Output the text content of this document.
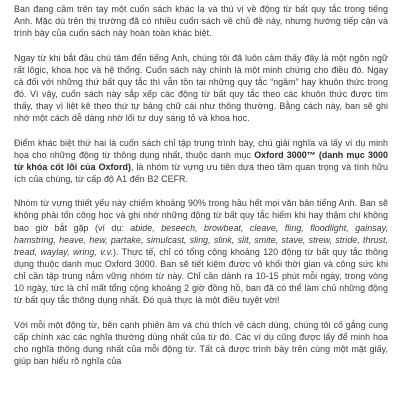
Ban đang cầm trên tay một cuốn sách khác lạ và thú vị về động từ bất quy tắc trong tiếng Anh. Mặc dù trên thị trường đã có nhiều cuốn sách về chủ đề này, nhưng hướng tiếp cận và trình bày của cuốn sách này hoàn toàn khác biệt.

Ngay từ khi bắt đầu chú tâm đến tiếng Anh, chúng tôi đã luôn cảm thấy đây là một ngôn ngữ rất lôgic, khoa học và hệ thống. Cuốn sách này chính là một minh chứng cho điều đó. Ngay cả đối với những thứ bất quy tắc thì vẫn tồn tại những quy tắc “ngầm” hay khuôn thức trong đó. Vì vậy, cuốn sách này sắp xếp các động từ bất quy tắc theo các khuôn thức được tìm thấy, thay vì liệt kê theo thứ tự bảng chữ cái như thông thường. Bằng cách này, ban sẽ ghi nhớ một cách dễ dàng nhờ lối tư duy sáng tỏ và khoa học.

Điểm khác biệt thứ hai là cuốn sách chỉ tập trung trình bày, chú giải nghĩa và lấy ví dụ minh họa cho những động từ thông dụng nhất, thuộc danh mục Oxford 3000™ (danh mục 3000 từ khóa cốt lõi của Oxford), là nhóm từ vựng ưu tiên dựa theo tầm quan trọng và tính hữu ích của chúng, từ cấp độ A1 đến B2 CEFR.

Nhóm từ vựng thiết yếu này chiếm khoảng 90% trong hầu hết mọi văn bản tiếng Anh. Ban sẽ không phải tốn công học và ghi nhớ những động từ bất quy tắc hiếm khi hay thậm chí không bao giờ bắt gặp (ví dụ: abide, beseech, browbeat, cleave, fling, floodlight, gainsay, hamstring, heave, hew, partake, simulcast, sling, slink, slit, smite, stave, strew, stride, thrust, tread, waylay, wring, v.v.). Thực tế, chỉ có tổng cộng khoảng 120 động từ bất quy tắc thông dụng thuộc danh mục Oxford 3000. Ban sẽ tiết kiệm được vô khối thời gian và công sức khi chỉ cần tập trung nắm vững nhóm từ này. Chỉ cần dành ra 10-15 phút mỗi ngày, trong vòng 10 ngày, từc là chỉ mất tổng cộng khoảng 2 giờ đồng hồ, ban đã có thể làm chủ những động từ bất quy tắc thông dụng nhất. Đó quả thực là một điều tuyệt vời!

Với mỗi một động từ, bên cạnh phiên âm và chú thích về cách dùng, chúng tôi cố gắng cung cấp chính xác các nghĩa thường dùng nhất của từ đó. Các ví dụ cũng được lấy để minh hoa cho nghĩa thông dụng nhất của mỗi động từ. Tất cả được trình bày trên cùng một mặt giấy, giúp ban hiểu rõ nghĩa của
